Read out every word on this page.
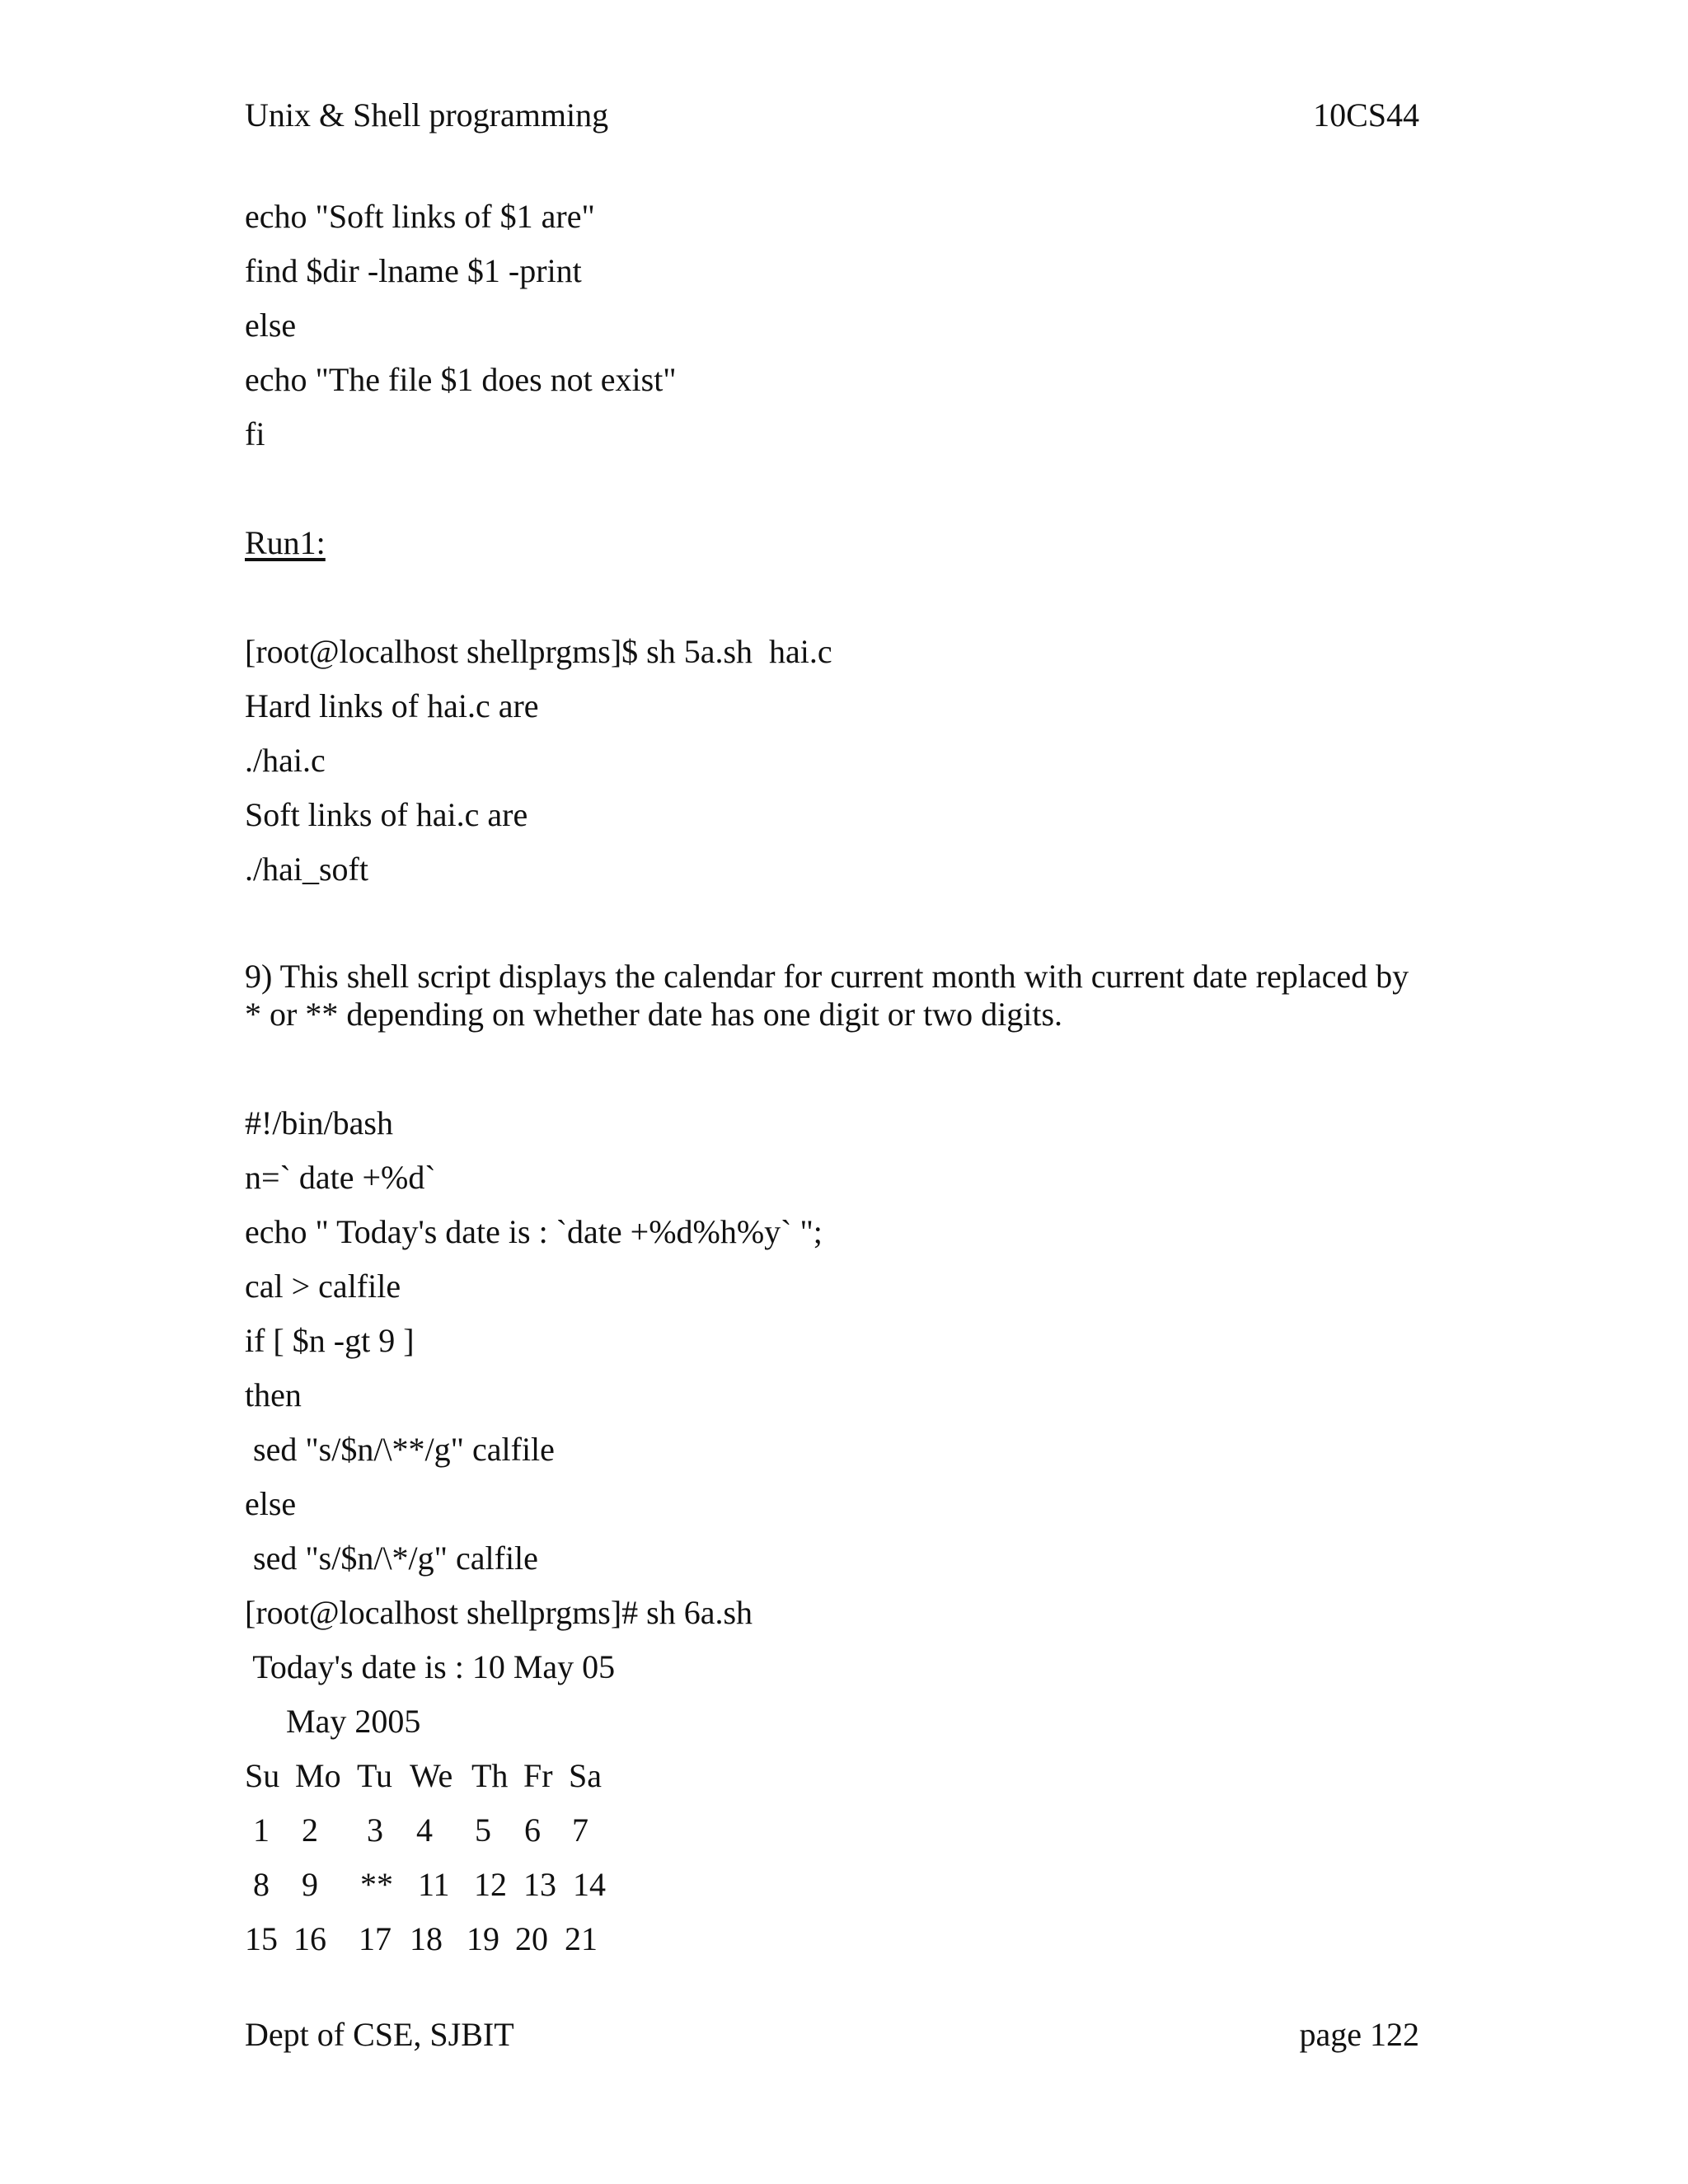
Unix & Shell programming	10CS44
echo "Soft links of $1 are"
find $dir -lname $1 -print
else
echo "The file $1 does not exist"
fi
Run1:
[root@localhost shellprgms]$ sh 5a.sh  hai.c
Hard links of hai.c are
./hai.c
Soft links of hai.c are
./hai_soft
9) This shell script displays the calendar for current month with current date replaced by * or ** depending on whether date has one digit or two digits.
#!/bin/bash
n=` date +%d`
echo " Today's date is : `date +%d%h%y` ";
cal > calfile
if [ $n -gt 9 ]
then
sed "s/$n/\**/g" calfile
else
sed "s/$n/\*/g" calfile
[root@localhost shellprgms]# sh 6a.sh
Today's date is : 10 May 05
May 2005
Su Mo Tu We Th Fr Sa
1 2 3 4 5 6 7
8 9 ** 11 12 13 14
15 16 17 18 19 20 21
Dept of CSE, SJBIT	page 122
